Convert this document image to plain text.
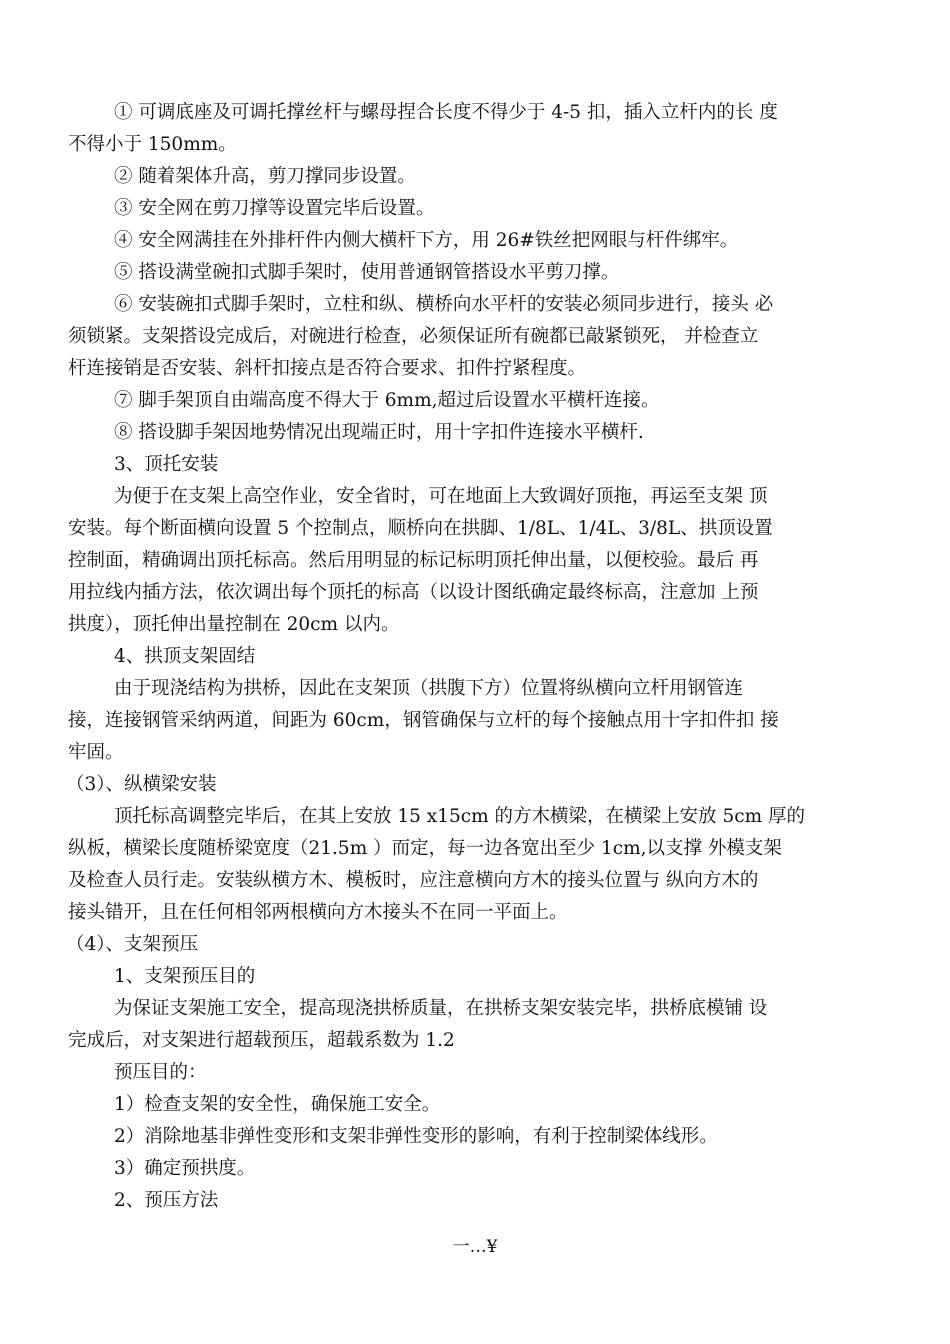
① 可调底座及可调托撑丝杆与螺母捏合长度不得少于 4-5 扣，插入立杆内的长 度
不得小于 150mm。
② 随着架体升高，剪刀撑同步设置。
③ 安全网在剪刀撑等设置完毕后设置。
④ 安全网满挂在外排杆件内侧大横杆下方，用 26#铁丝把网眼与杆件绑牢。
⑤ 搭设满堂碗扣式脚手架时，使用普通钢管搭设水平剪刀撑。
⑥ 安装碗扣式脚手架时，立柱和纵、横桥向水平杆的安装必须同步进行，接头 必
须锁紧。支架搭设完成后，对碗进行检查，必须保证所有碗都已敲紧锁死， 并检查立
杆连接销是否安装、斜杆扣接点是否符合要求、扣件拧紧程度。
⑦ 脚手架顶自由端高度不得大于 6mm,超过后设置水平横杆连接。
⑧ 搭设脚手架因地势情况出现端正时，用十字扣件连接水平横杆.
3、顶托安装
为便于在支架上高空作业，安全省时，可在地面上大致调好顶拖，再运至支架 顶
安装。每个断面横向设置 5 个控制点，顺桥向在拱脚、1/8L、1/4L、3/8L、拱顶设置
控制面，精确调出顶托标高。然后用明显的标记标明顶托伸出量，以便校验。最后 再
用拉线内插方法，依次调出每个顶托的标高（以设计图纸确定最终标高，注意加 上预
拱度），顶托伸出量控制在 20cm 以内。
4、拱顶支架固结
由于现浇结构为拱桥，因此在支架顶（拱腹下方）位置将纵横向立杆用钢管连
接，连接钢管采纳两道，间距为 60cm，钢管确保与立杆的每个接触点用十字扣件扣 接
牢固。
（3）、纵横梁安装
顶托标高调整完毕后，在其上安放 15 x15cm 的方木横梁，在横梁上安放 5cm 厚的
纵板，横梁长度随桥梁宽度（21.5m ）而定，每一边各宽出至少 1cm,以支撑 外模支架
及检查人员行走。安装纵横方木、模板时，应注意横向方木的接头位置与 纵向方木的
接头错开，且在任何相邻两根横向方木接头不在同一平面上。
（4）、支架预压
1、支架预压目的
为保证支架施工安全，提高现浇拱桥质量，在拱桥支架安装完毕，拱桥底模铺 设
完成后，对支架进行超载预压，超载系数为 1.2
预压目的：
1）检查支架的安全性，确保施工安全。
2）消除地基非弹性变形和支架非弹性变形的影响，有利于控制梁体线形。
3）确定预拱度。
2、预压方法
一…¥
